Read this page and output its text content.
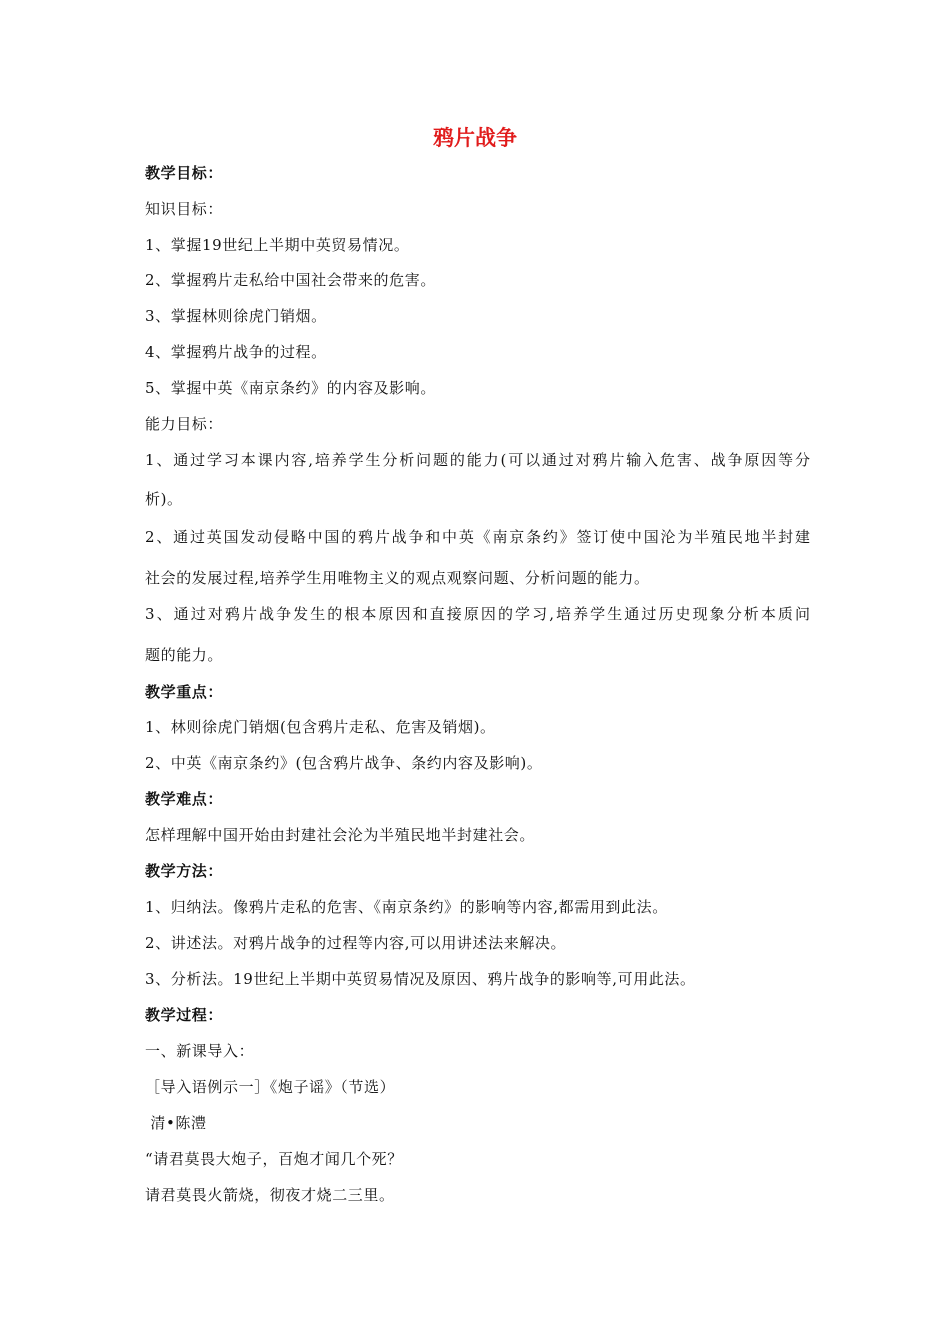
鸦片战争
教学目标：
知识目标：
1、掌握19世纪上半期中英贸易情况。
2、掌握鸦片走私给中国社会带来的危害。
3、掌握林则徐虎门销烟。
4、掌握鸦片战争的过程。
5、掌握中英《南京条约》的内容及影响。
能力目标：
1、通过学习本课内容,培养学生分析问题的能力(可以通过对鸦片输入危害、战争原因等分
析)。
2、通过英国发动侵略中国的鸦片战争和中英《南京条约》签订使中国沦为半殖民地半封建
社会的发展过程,培养学生用唯物主义的观点观察问题、分析问题的能力。
3、通过对鸦片战争发生的根本原因和直接原因的学习,培养学生通过历史现象分析本质问
题的能力。
教学重点：
1、林则徐虎门销烟(包含鸦片走私、危害及销烟)。
2、中英《南京条约》(包含鸦片战争、条约内容及影响)。
教学难点：
怎样理解中国开始由封建社会沦为半殖民地半封建社会。
教学方法：
1、归纳法。像鸦片走私的危害、《南京条约》的影响等内容,都需用到此法。
2、讲述法。对鸦片战争的过程等内容,可以用讲述法来解决。
3、分析法。19世纪上半期中英贸易情况及原因、鸦片战争的影响等,可用此法。
教学过程：
一、新课导入：
［导入语例示一］《炮子谣》（节选）
清•陈澧
“请君莫畏大炮子，百炮才闻几个死？
请君莫畏火箭烧，彻夜才烧二三里。
